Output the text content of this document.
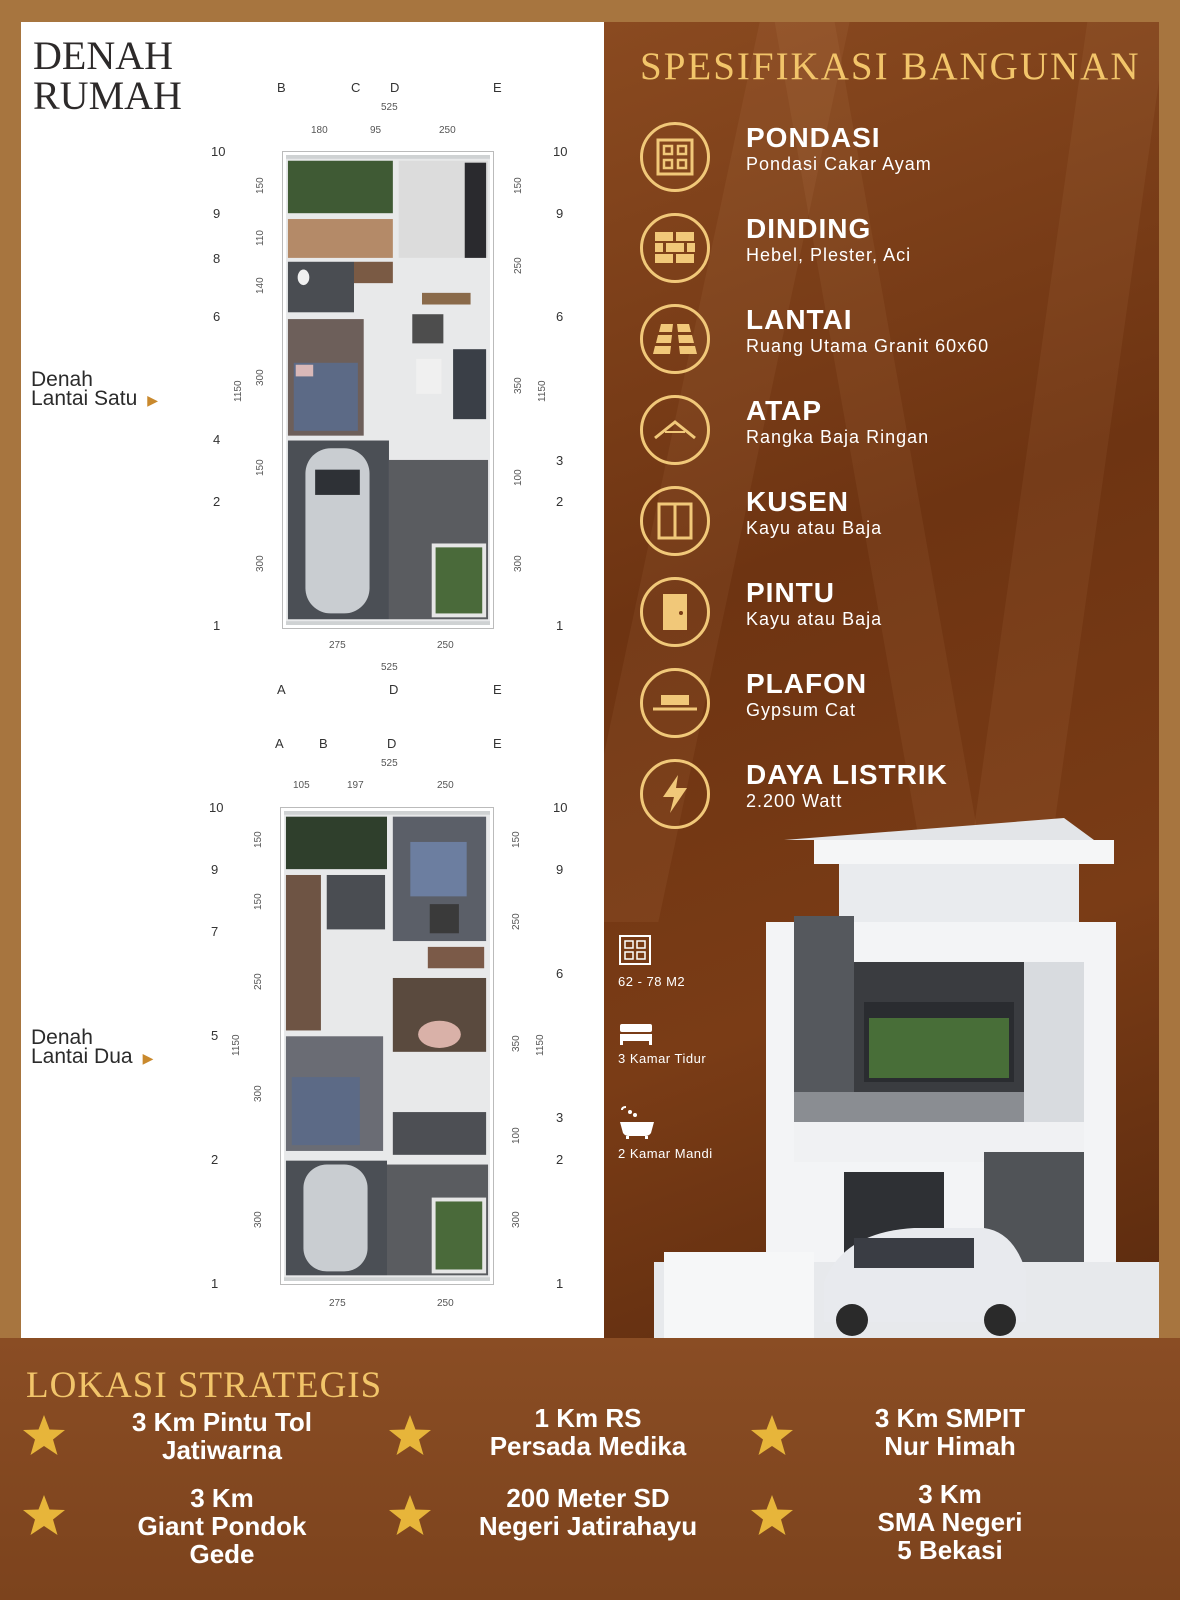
DENAH
RUMAH
Denah
Lantai Satu ▶
B	C D	E
525
180	95	250
10
9
8
6
4
2
1
150
110
140
300
150
300
1150
10
9
6
3
2
1
150
250
350
100
300
1150
275	250
525
A	D	E
Denah
Lantai Dua ▶
A	B	D	E
525
105	197	250
10
9
7
5
2
1
150
150
250
300
300
1150
10
9
6
3
2
1
150
250
350
100
300
1150
275	250
SPESIFIKASI BANGUNAN
PONDASI
Pondasi Cakar Ayam
DINDING
Hebel, Plester, Aci
LANTAI
Ruang Utama Granit 60x60
ATAP
Rangka Baja Ringan
KUSEN
Kayu atau Baja
PINTU
Kayu atau Baja
PLAFON
Gypsum Cat
DAYA LISTRIK
2.200 Watt
62 - 78 M2
3 Kamar Tidur
2 Kamar Mandi
LOKASI STRATEGIS
3 Km Pintu Tol
Jatiwarna
1 Km RS
Persada Medika
3 Km SMPIT
Nur Himah
3 Km
Giant Pondok
Gede
200 Meter SD
Negeri Jatirahayu
3 Km
SMA Negeri
5 Bekasi
